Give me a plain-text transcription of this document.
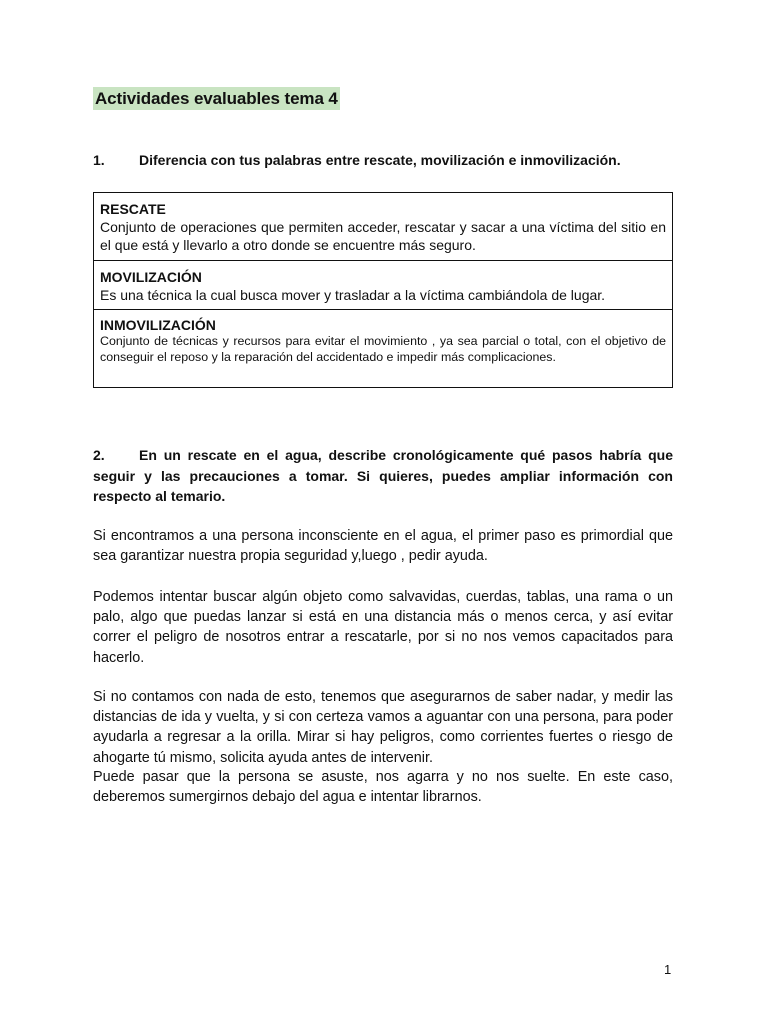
Actividades evaluables tema 4
1. Diferencia con tus palabras entre rescate, movilización e inmovilización.
RESCATE
Conjunto de operaciones que permiten acceder, rescatar y sacar a una víctima del sitio en el que está y llevarlo a otro donde se encuentre más seguro.
MOVILIZACIÓN
Es una técnica la cual busca mover y trasladar a la víctima cambiándola de lugar.
INMOVILIZACIÓN
Conjunto de técnicas y recursos para evitar el movimiento , ya sea parcial o total, con el objetivo de conseguir el reposo y la reparación del accidentado e impedir más complicaciones.
2. En un rescate en el agua, describe cronológicamente qué pasos habría que seguir y las precauciones a tomar. Si quieres, puedes ampliar información con respecto al temario.

Si encontramos a una persona inconsciente en el agua, el primer paso es primordial que sea garantizar nuestra propia seguridad y,luego , pedir ayuda.

Podemos intentar buscar algún objeto como salvavidas, cuerdas, tablas, una rama o un palo, algo que puedas lanzar si está en una distancia más o menos cerca, y así evitar correr el peligro de nosotros entrar a rescatarle, por si no nos vemos capacitados para hacerlo.

Si no contamos con nada de esto, tenemos que asegurarnos de saber nadar, y medir las distancias de ida y vuelta, y si con certeza vamos a aguantar con una persona, para poder ayudarla a regresar a la orilla. Mirar si hay peligros, como corrientes fuertes o riesgo de ahogarte tú mismo, solicita ayuda antes de intervenir.

Puede pasar que la persona se asuste, nos agarra y no nos suelte. En este caso, deberemos sumergirnos debajo del agua e intentar librarnos.

1
